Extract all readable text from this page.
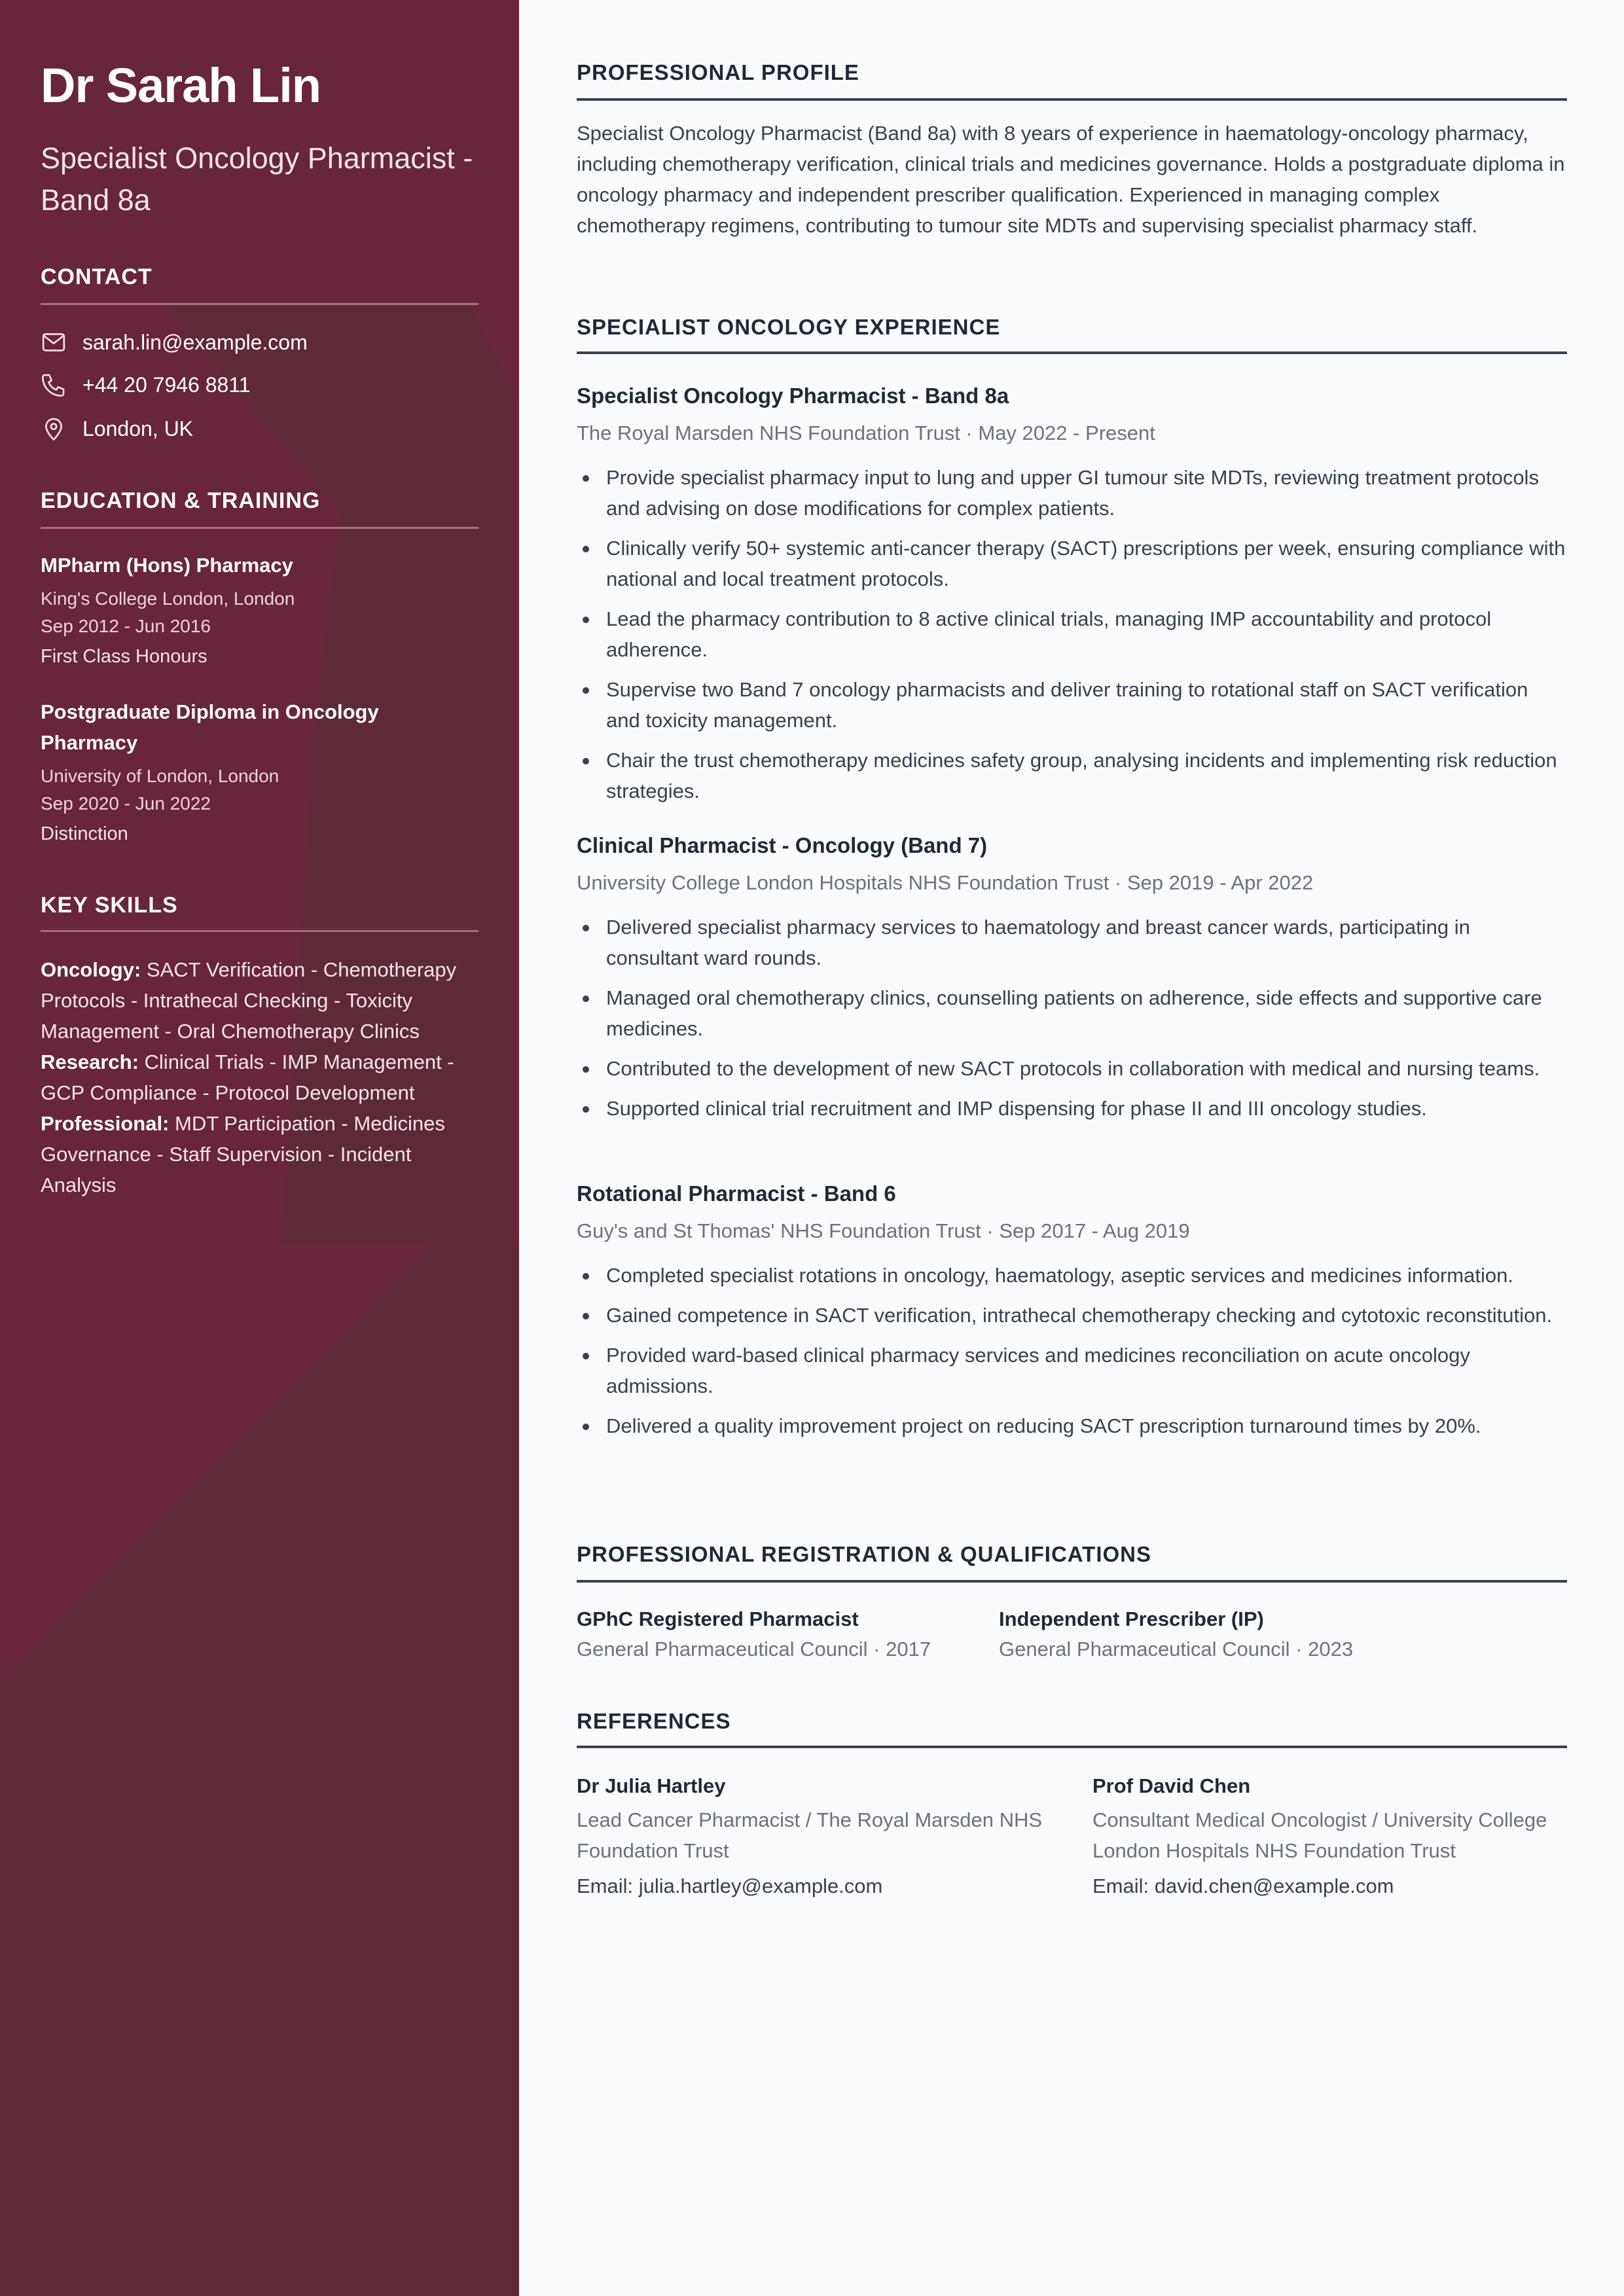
Dr Sarah Lin
Specialist Oncology Pharmacist - Band 8a
CONTACT
sarah.lin@example.com
+44 20 7946 8811
London, UK
EDUCATION & TRAINING
MPharm (Hons) Pharmacy
King's College London, London
Sep 2012 - Jun 2016
First Class Honours
Postgraduate Diploma in Oncology Pharmacy
University of London, London
Sep 2020 - Jun 2022
Distinction
KEY SKILLS
Oncology: SACT Verification - Chemotherapy Protocols - Intrathecal Checking - Toxicity Management - Oral Chemotherapy Clinics
Research: Clinical Trials - IMP Management - GCP Compliance - Protocol Development
Professional: MDT Participation - Medicines Governance - Staff Supervision - Incident Analysis
PROFESSIONAL PROFILE

Specialist Oncology Pharmacist (Band 8a) with 8 years of experience in haematology-oncology pharmacy, including chemotherapy verification, clinical trials and medicines governance. Holds a postgraduate diploma in oncology pharmacy and independent prescriber qualification. Experienced in managing complex chemotherapy regimens, contributing to tumour site MDTs and supervising specialist pharmacy staff.

SPECIALIST ONCOLOGY EXPERIENCE
Specialist Oncology Pharmacist - Band 8a
The Royal Marsden NHS Foundation Trust · May 2022 - Present
Provide specialist pharmacy input to lung and upper GI tumour site MDTs, reviewing treatment protocols and advising on dose modifications for complex patients.
Clinically verify 50+ systemic anti-cancer therapy (SACT) prescriptions per week, ensuring compliance with national and local treatment protocols.
Lead the pharmacy contribution to 8 active clinical trials, managing IMP accountability and protocol adherence.
Supervise two Band 7 oncology pharmacists and deliver training to rotational staff on SACT verification and toxicity management.
Chair the trust chemotherapy medicines safety group, analysing incidents and implementing risk reduction strategies.
Clinical Pharmacist - Oncology (Band 7)
University College London Hospitals NHS Foundation Trust · Sep 2019 - Apr 2022
Delivered specialist pharmacy services to haematology and breast cancer wards, participating in consultant ward rounds.
Managed oral chemotherapy clinics, counselling patients on adherence, side effects and supportive care medicines.
Contributed to the development of new SACT protocols in collaboration with medical and nursing teams.
Supported clinical trial recruitment and IMP dispensing for phase II and III oncology studies.
Rotational Pharmacist - Band 6
Guy's and St Thomas' NHS Foundation Trust · Sep 2017 - Aug 2019
Completed specialist rotations in oncology, haematology, aseptic services and medicines information.
Gained competence in SACT verification, intrathecal chemotherapy checking and cytotoxic reconstitution.
Provided ward-based clinical pharmacy services and medicines reconciliation on acute oncology admissions.
Delivered a quality improvement project on reducing SACT prescription turnaround times by 20%.
PROFESSIONAL REGISTRATION & QUALIFICATIONS
GPhC Registered Pharmacist
General Pharmaceutical Council · 2017
Independent Prescriber (IP)
General Pharmaceutical Council · 2023
REFERENCES
Dr Julia Hartley
Lead Cancer Pharmacist / The Royal Marsden NHS Foundation Trust
Email: julia.hartley@example.com
Prof David Chen
Consultant Medical Oncologist / University College London Hospitals NHS Foundation Trust
Email: david.chen@example.com
